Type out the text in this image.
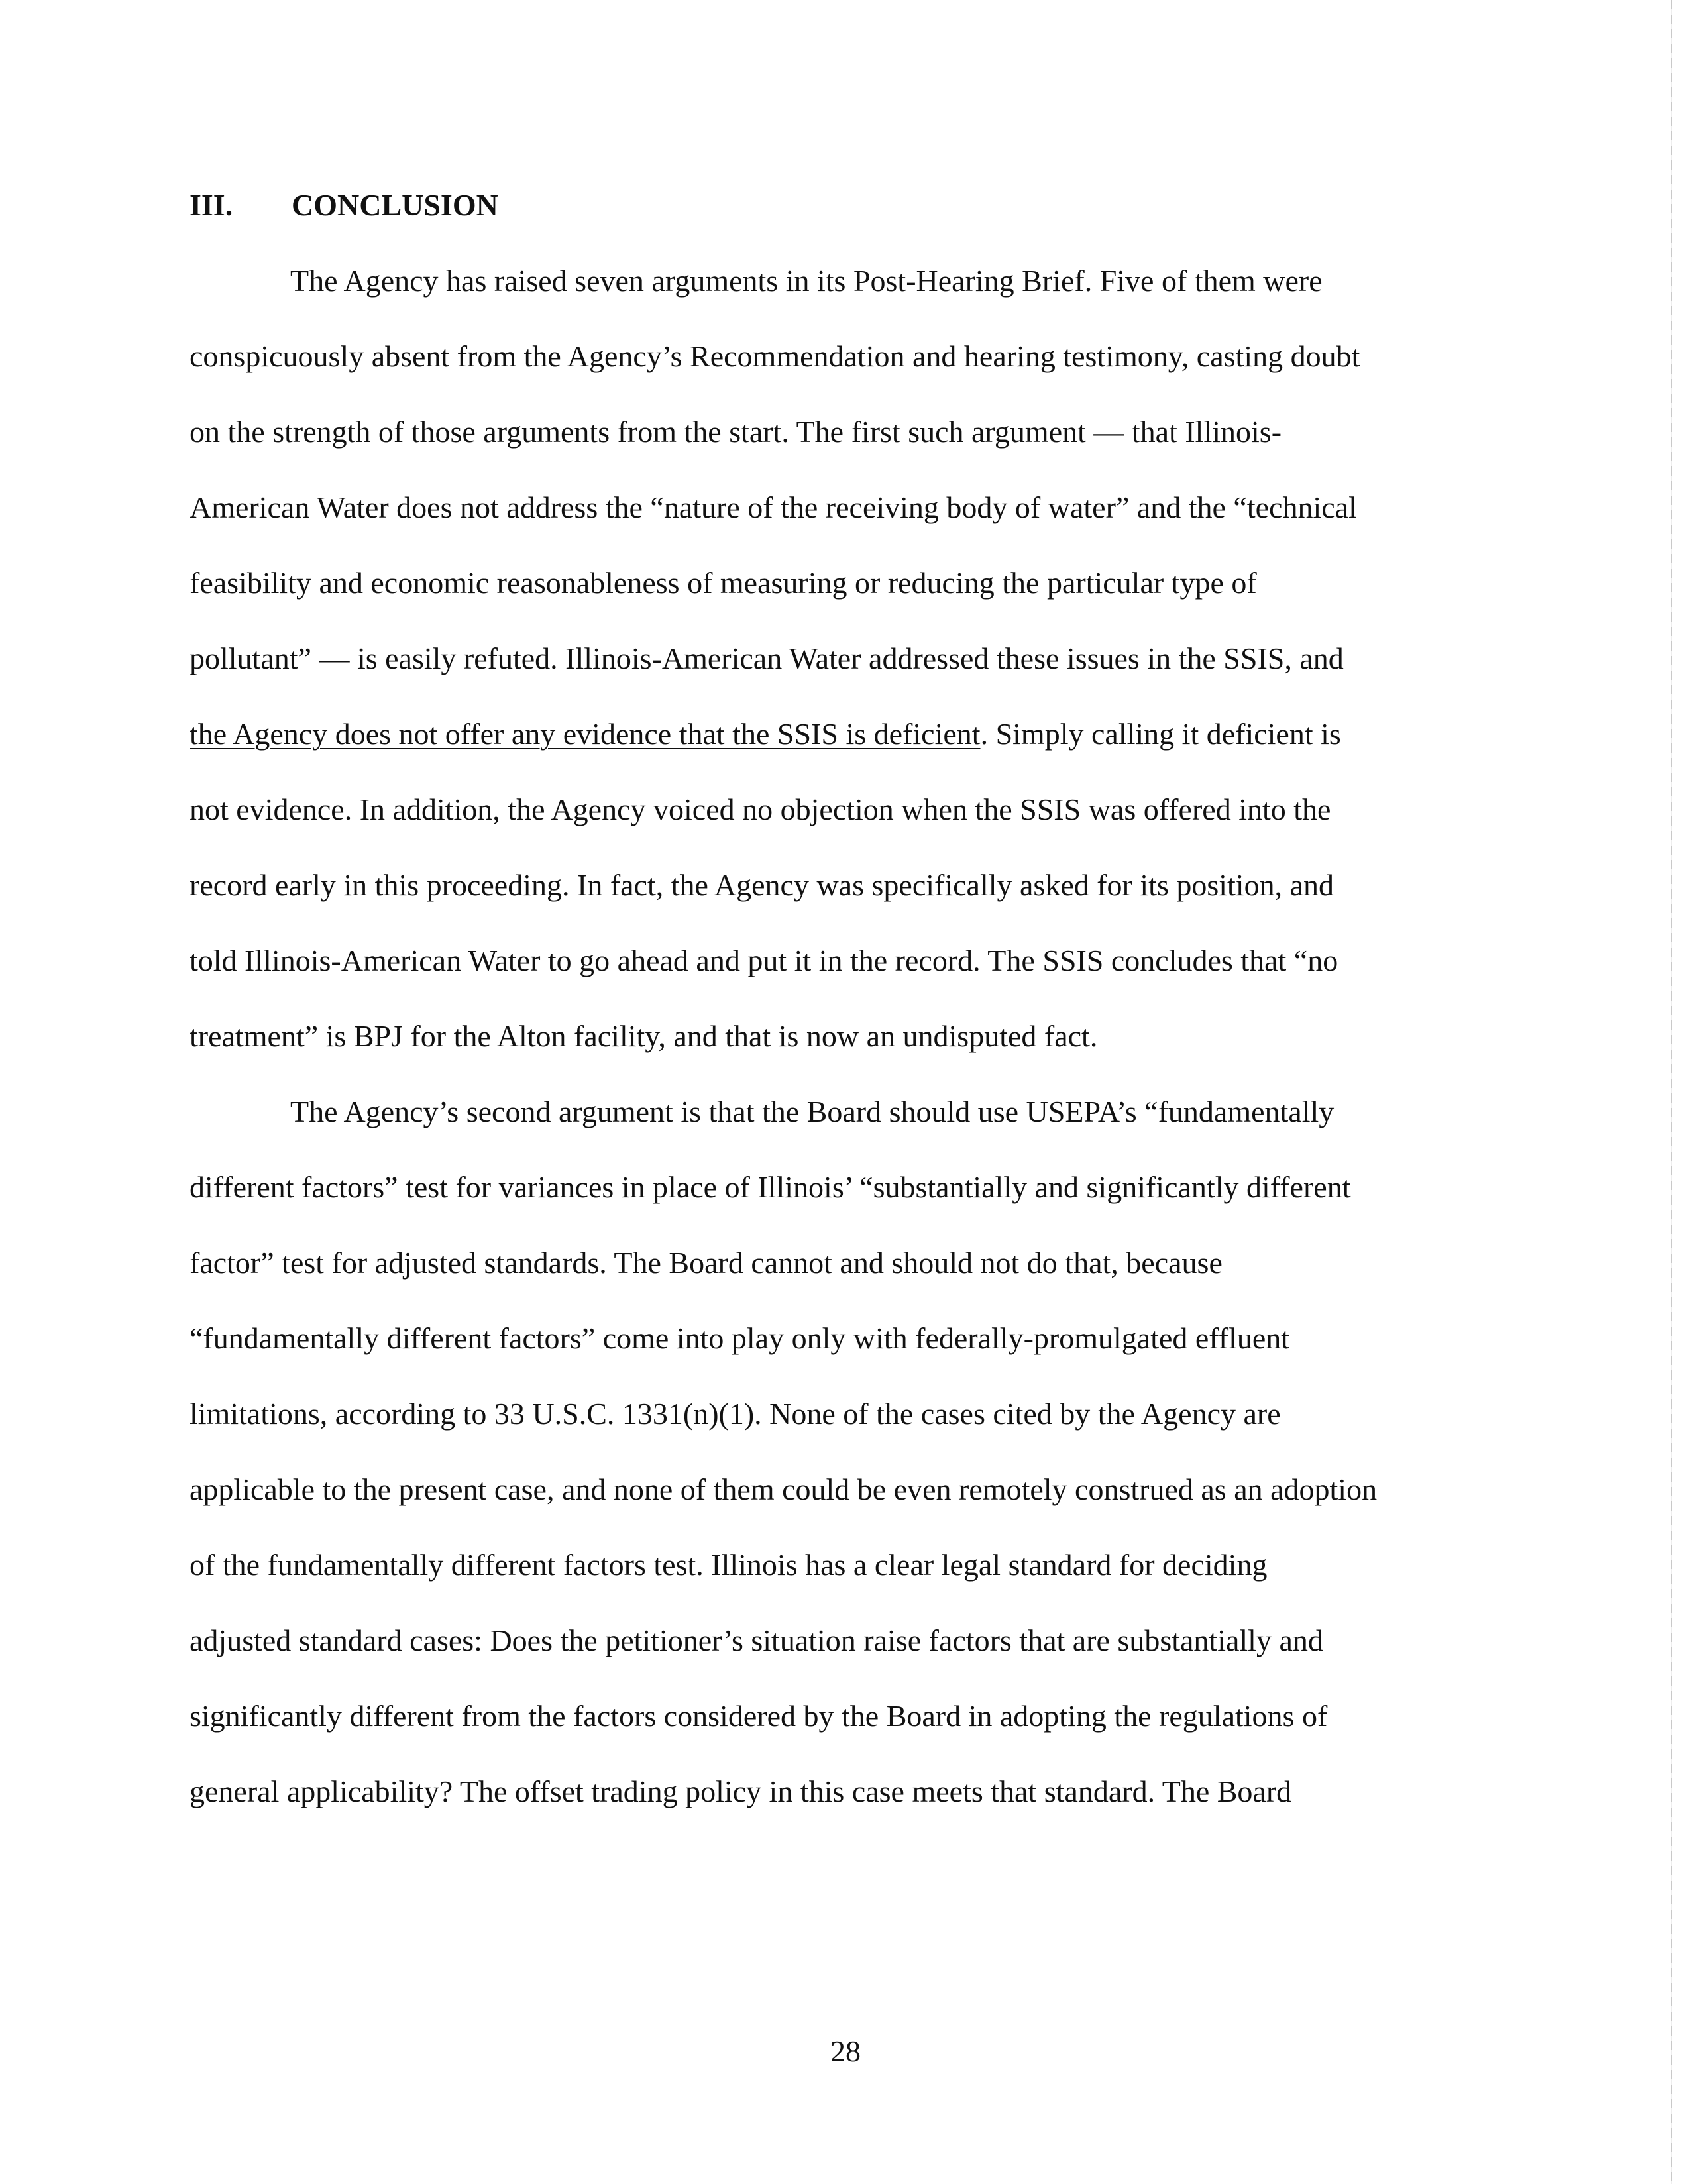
III. CONCLUSION
The Agency has raised seven arguments in its Post-Hearing Brief. Five of them were
conspicuously absent from the Agency’s Recommendation and hearing testimony, casting doubt
on the strength of those arguments from the start. The first such argument — that Illinois-
American Water does not address the “nature of the receiving body of water” and the “technical
feasibility and economic reasonableness of measuring or reducing the particular type of
pollutant” — is easily refuted. Illinois-American Water addressed these issues in the SSIS, and
the Agency does not offer any evidence that the SSIS is deficient. Simply calling it deficient is
not evidence. In addition, the Agency voiced no objection when the SSIS was offered into the
record early in this proceeding. In fact, the Agency was specifically asked for its position, and
told Illinois-American Water to go ahead and put it in the record. The SSIS concludes that “no
treatment” is BPJ for the Alton facility, and that is now an undisputed fact.
The Agency’s second argument is that the Board should use USEPA’s “fundamentally
different factors” test for variances in place of Illinois’ “substantially and significantly different
factor” test for adjusted standards. The Board cannot and should not do that, because
“fundamentally different factors” come into play only with federally-promulgated effluent
limitations, according to 33 U.S.C. 1331(n)(1). None of the cases cited by the Agency are
applicable to the present case, and none of them could be even remotely construed as an adoption
of the fundamentally different factors test. Illinois has a clear legal standard for deciding
adjusted standard cases: Does the petitioner’s situation raise factors that are substantially and
significantly different from the factors considered by the Board in adopting the regulations of
general applicability? The offset trading policy in this case meets that standard. The Board
28
